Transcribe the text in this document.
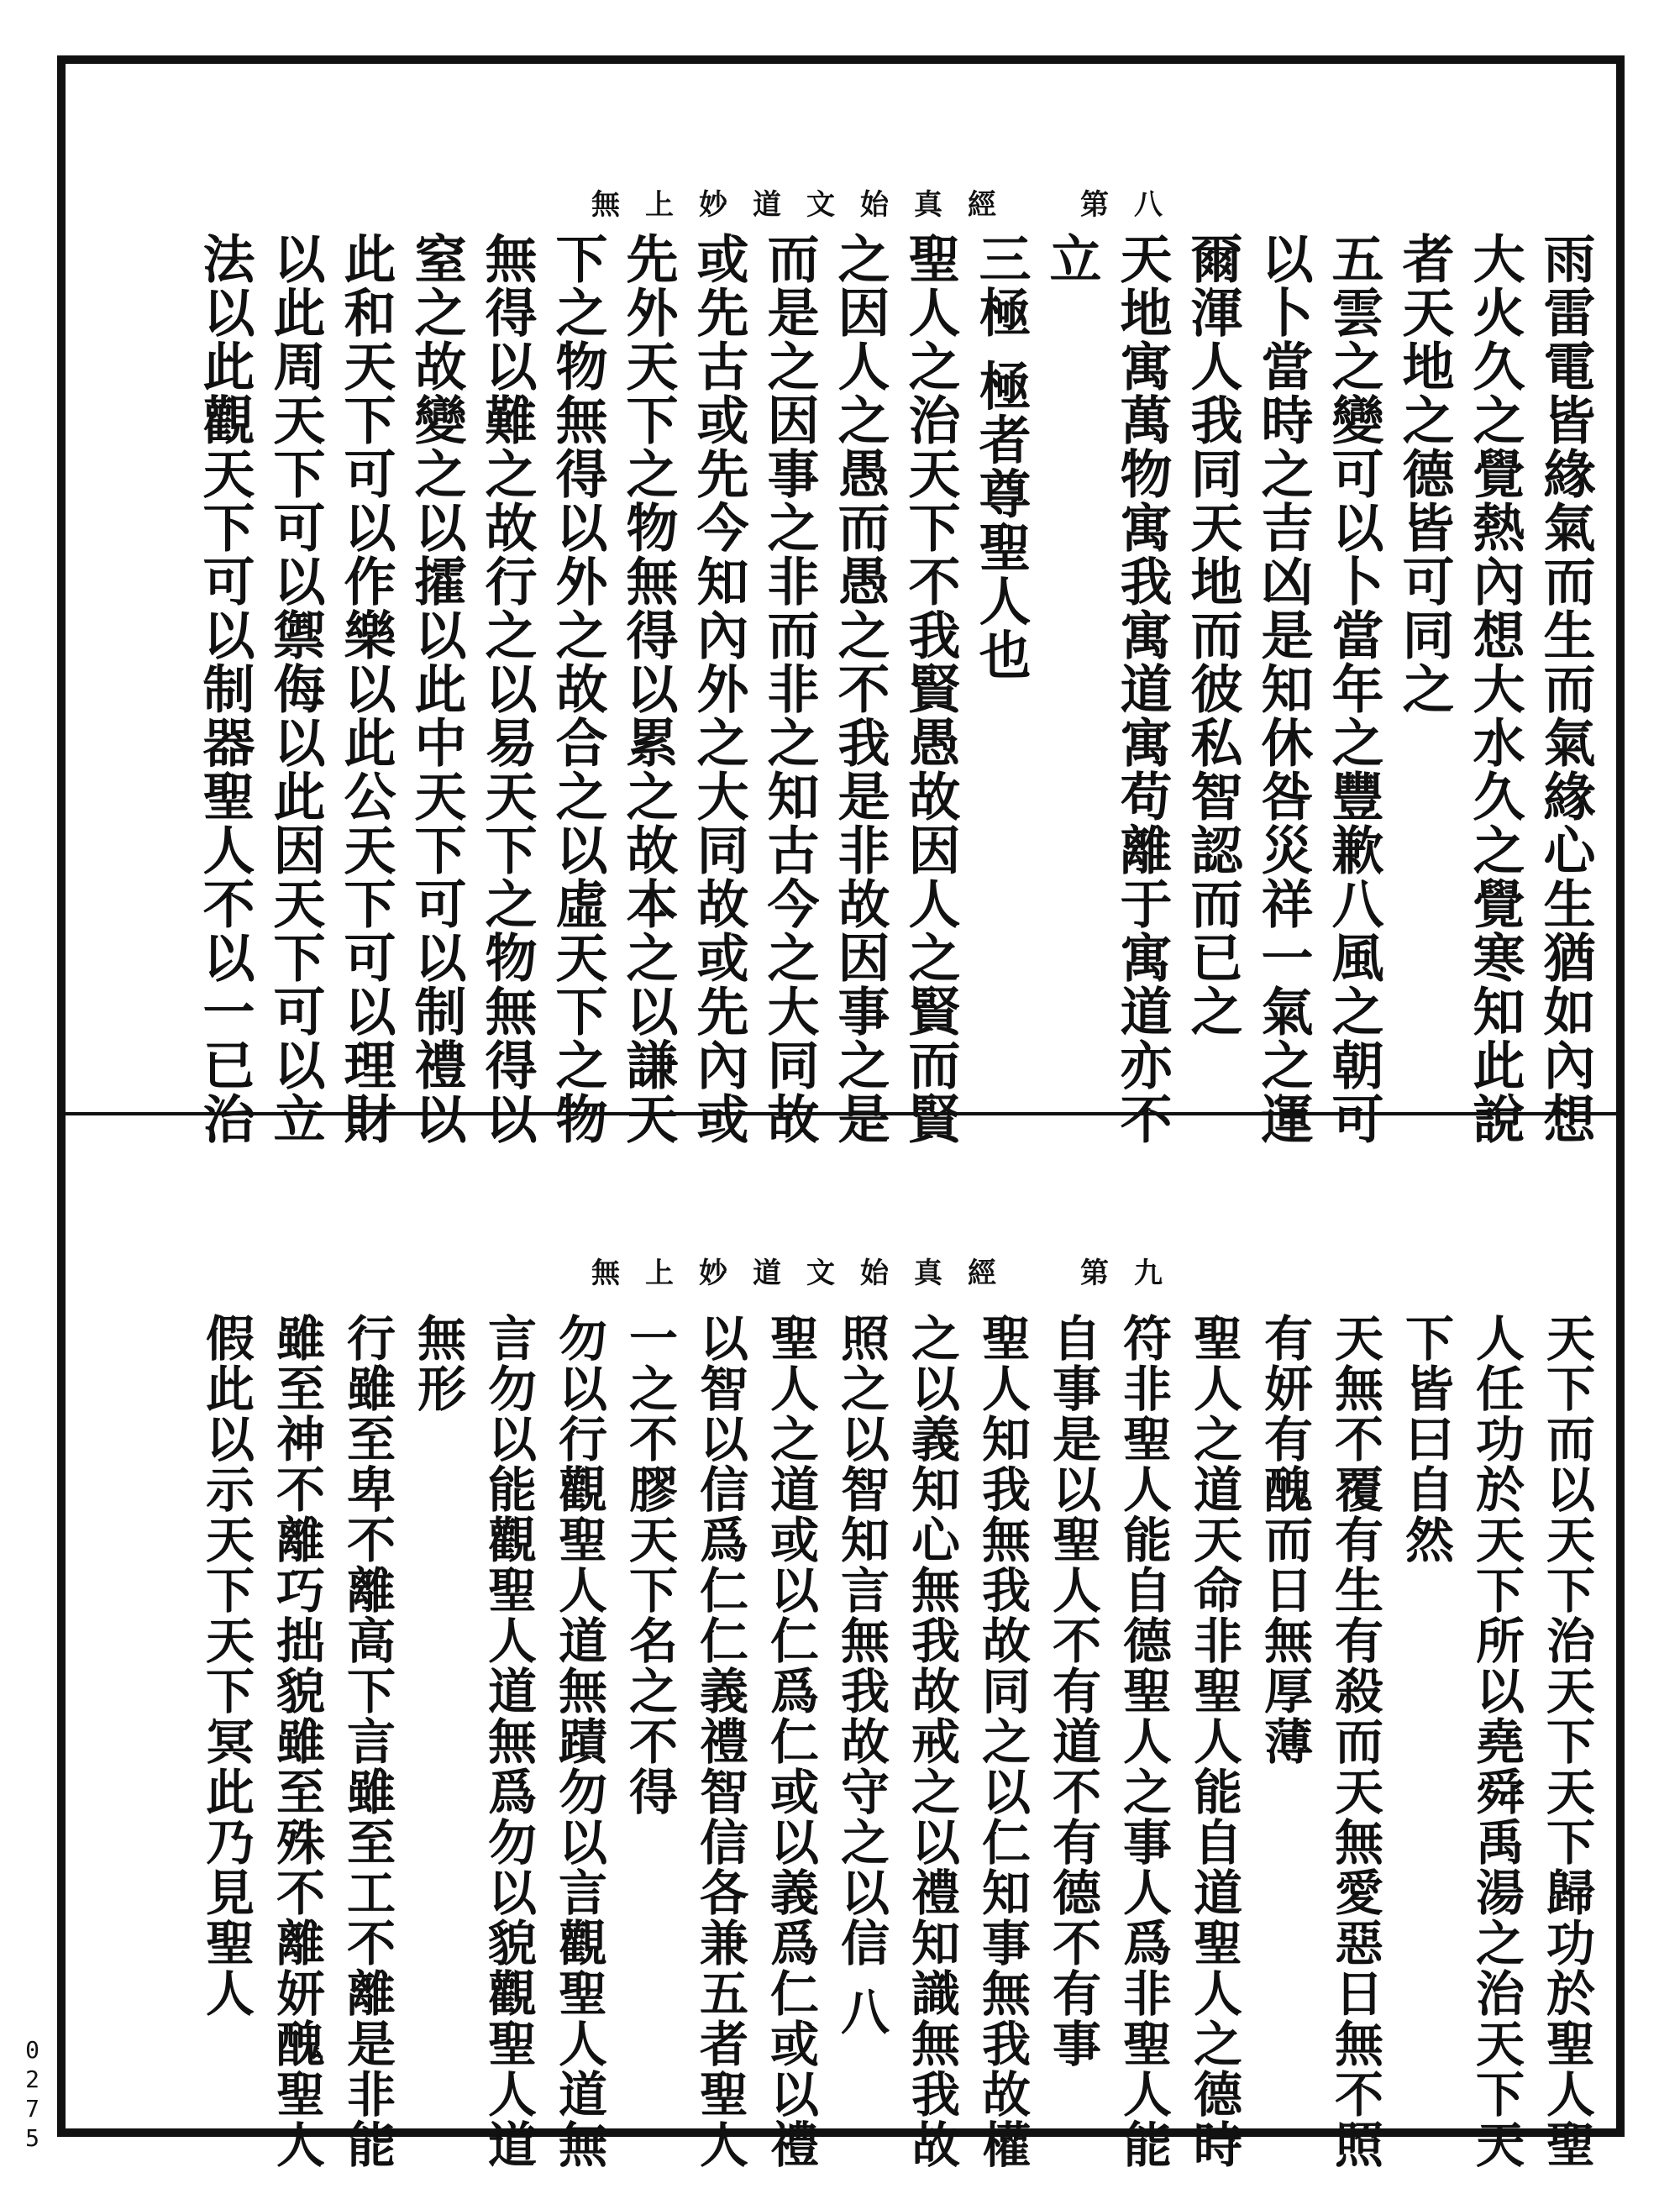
無上妙道文始真經 第八
雨雷電皆緣氣而生而氣緣心生猶如內想
大火久之覺熱內想大水久之覺寒知此說
者天地之德皆可同之
五雲之變可以卜當年之豐歉八風之朝可
以卜當時之吉凶是知休咎災祥一氣之運
爾渾人我同天地而彼私智認而已之
天地寓萬物寓我寓道寓苟離于寓道亦不
立
三極 極者尊聖人也
聖人之治天下不我賢愚故因人之賢而賢
之因人之愚而愚之不我是非故因事之是
而是之因事之非而非之知古今之大同故
或先古或先今知內外之大同故或先內或
先外天下之物無得以累之故本之以謙天
下之物無得以外之故合之以虛天下之物
無得以難之故行之以易天下之物無得以
窒之故變之以攉以此中天下可以制禮以
此和天下可以作樂以此公天下可以理財
以此周天下可以禦侮以此因天下可以立
法以此觀天下可以制器聖人不以一已治
無上妙道文始真經 第九
天下而以天下治天下天下歸功於聖人聖
人任功於天下所以堯舜禹湯之治天下天
下皆曰自然
天無不覆有生有殺而天無愛惡日無不照
有妍有醜而日無厚薄
聖人之道天命非聖人能自道聖人之德時
符非聖人能自德聖人之事人爲非聖人能
自事是以聖人不有道不有德不有事
聖人知我無我故同之以仁知事無我故權
之以義知心無我故戒之以禮知識無我故
照之以智知言無我故守之以信 八
聖人之道或以仁爲仁或以義爲仁或以禮
以智以信爲仁仁義禮智信各兼五者聖人
一之不膠天下名之不得
勿以行觀聖人道無蹟勿以言觀聖人道無
言勿以能觀聖人道無爲勿以貌觀聖人道
無形
行雖至卑不離高下言雖至工不離是非能
雖至神不離巧拙貌雖至殊不離妍醜聖人
假此以示天下天下冥此乃見聖人
0275
